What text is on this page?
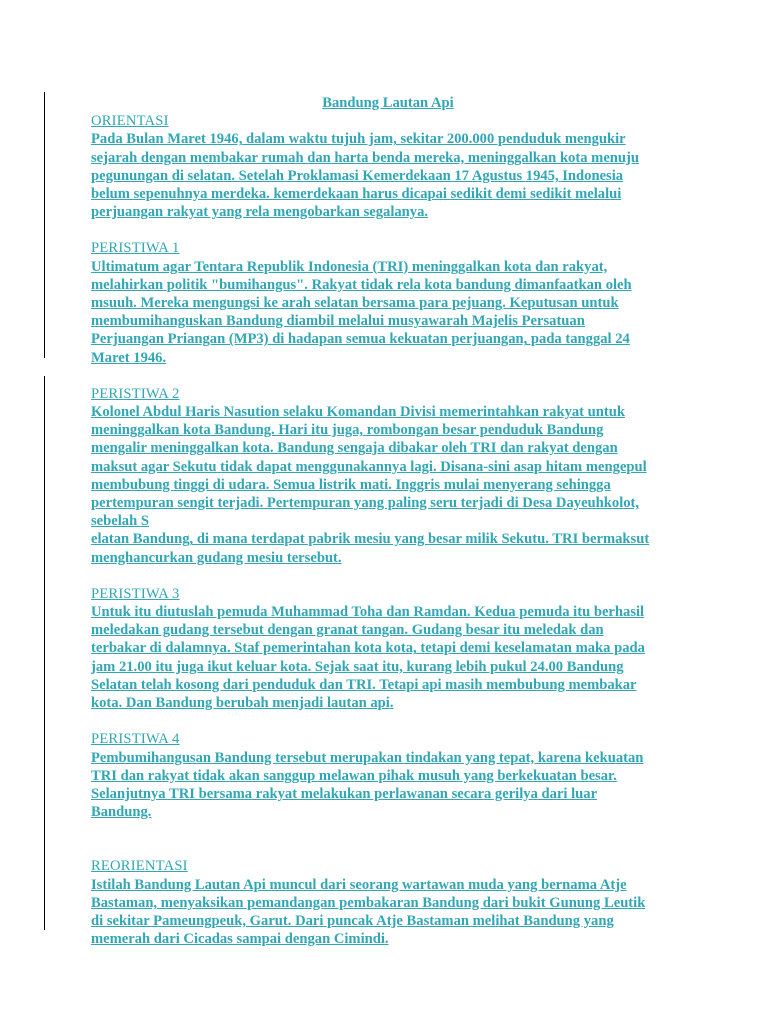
Bandung Lautan Api

ORIENTASI

Pada Bulan Maret 1946, dalam waktu tujuh jam, sekitar 200.000 penduduk mengukir
sejarah dengan membakar rumah dan harta benda mereka, meninggalkan kota menuju
pegunungan di selatan. Setelah Proklamasi Kemerdekaan 17 Agustus 1945, Indonesia
belum sepenuhnya merdeka. kemerdekaan harus dicapai sedikit demi sedikit melalui
perjuangan rakyat yang rela mengobarkan segalanya.

PERISTIWA 1

Ultimatum agar Tentara Republik Indonesia (TRI) meninggalkan kota dan rakyat,
melahirkan politik "bumihangus". Rakyat tidak rela kota bandung dimanfaatkan oleh
msuuh. Mereka mengungsi ke arah selatan bersama para pejuang. Keputusan untuk
membumihanguskan Bandung diambil melalui musyawarah Majelis Persatuan
Perjuangan Priangan (MP3) di hadapan semua kekuatan perjuangan, pada tanggal 24
Maret 1946.

PERISTIWA 2

Kolonel Abdul Haris Nasution selaku Komandan Divisi memerintahkan rakyat untuk
meninggalkan kota Bandung. Hari itu juga, rombongan besar penduduk Bandung
mengalir meninggalkan kota. Bandung sengaja dibakar oleh TRI dan rakyat dengan
maksut agar Sekutu tidak dapat menggunakannya lagi. Disana-sini asap hitam mengepul
membubung tinggi di udara. Semua listrik mati. Inggris mulai menyerang sehingga
pertempuran sengit terjadi. Pertempuran yang paling seru terjadi di Desa Dayeuhkolot,
sebelah S
elatan Bandung, di mana terdapat pabrik mesiu yang besar milik Sekutu. TRI bermaksut
menghancurkan gudang mesiu tersebut.

PERISTIWA 3

Untuk itu diutuslah pemuda Muhammad Toha dan Ramdan. Kedua pemuda itu berhasil
meledakan gudang tersebut dengan granat tangan. Gudang besar itu meledak dan
terbakar di dalamnya. Staf pemerintahan kota kota, tetapi demi keselamatan maka pada
jam 21.00 itu juga ikut keluar kota. Sejak saat itu, kurang lebih pukul 24.00 Bandung
Selatan telah kosong dari penduduk dan TRI. Tetapi api masih membubung membakar
kota. Dan Bandung berubah menjadi lautan api.

PERISTIWA 4

Pembumihangusan Bandung tersebut merupakan tindakan yang tepat, karena kekuatan
TRI dan rakyat tidak akan sanggup melawan pihak musuh yang berkekuatan besar.
Selanjutnya TRI bersama rakyat melakukan perlawanan secara gerilya dari luar
Bandung.

REORIENTASI

Istilah Bandung Lautan Api muncul dari seorang wartawan muda yang bernama Atje
Bastaman, menyaksikan pemandangan pembakaran Bandung dari bukit Gunung Leutik
di sekitar Pameungpeuk, Garut. Dari puncak Atje Bastaman melihat Bandung yang
memerah dari Cicadas sampai dengan Cimindi.
